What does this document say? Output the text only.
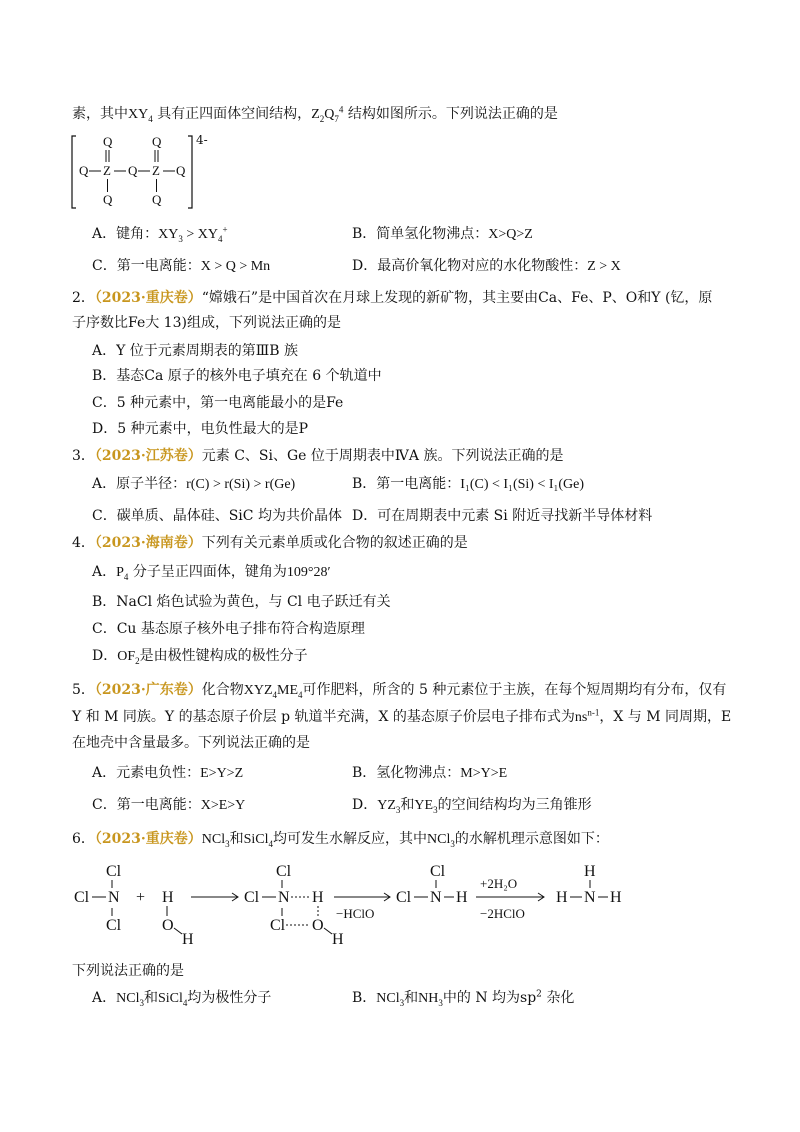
素，其中$XY_4$ 具有正四面体空间结构，$Z_2Q_7^4$ 结构如图所示。下列说法正确的是
Q	Q
Q Z Q Z Q
Q	Q
4-
A．键角：$XY_3 > XY_4^+$	B．简单氢化物沸点：X>Q>Z
C．第一电离能：X > Q > Mn	D．最高价氧化物对应的水化物酸性：Z > X
2．（2023·重庆卷）“嫦娥石”是中国首次在月球上发现的新矿物，其主要由Ca、Fe、P、O和Y (钇，原
子序数比Fe大 13)组成，下列说法正确的是
A．Y 位于元素周期表的第ⅢB 族
B．基态Ca 原子的核外电子填充在 6 个轨道中
C．5 种元素中，第一电离能最小的是Fe
D．5 种元素中，电负性最大的是P
3．（2023·江苏卷）元素 C、Si、Ge 位于周期表中ⅣA 族。下列说法正确的是
A．原子半径：r(C) > r(Si) > r(Ge)	B．第一电离能：I₁(C) < I₁(Si) < I₁(Ge)
C．碳单质、晶体硅、SiC 均为共价晶体 D．可在周期表中元素 Si 附近寻找新半导体材料
4．（2023·海南卷）下列有关元素单质或化合物的叙述正确的是
A．$P_4$ 分子呈正四面体，键角为109°28′
B．NaCl 焰色试验为黄色，与 Cl 电子跃迁有关
C．Cu 基态原子核外电子排布符合构造原理
D．$OF_2$是由极性键构成的极性分子
5．（2023·广东卷）化合物$XYZ_4ME_4$可作肥料，所含的 5 种元素位于主族，在每个短周期均有分布，仅有
Y 和 M 同族。Y 的基态原子价层 p 轨道半充满，X 的基态原子价层电子排布式为$ns^{n-1}$，X 与 M 同周期，E
在地壳中含量最多。下列说法正确的是
A．元素电负性：E>Y>Z	B．氢化物沸点：M>Y>E
C．第一电离能：X>E>Y	D．$YZ_3$和$YE_3$的空间结构均为三角锥形
6．（2023·重庆卷）NCl$_3$和SiCl$_4$均可发生水解反应，其中NCl$_3$的水解机理示意图如下：
Cl
Cl N
Cl
+ H
O
H
Cl
Cl N H
Cl O
H
Cl
Cl N H
H
H N H
−HClO
+2H₂O
−2HClO
下列说法正确的是
A．NCl$_3$和SiCl$_4$均为极性分子	B．NCl$_3$和$NH_3$中的 N 均为$sp^2$ 杂化
